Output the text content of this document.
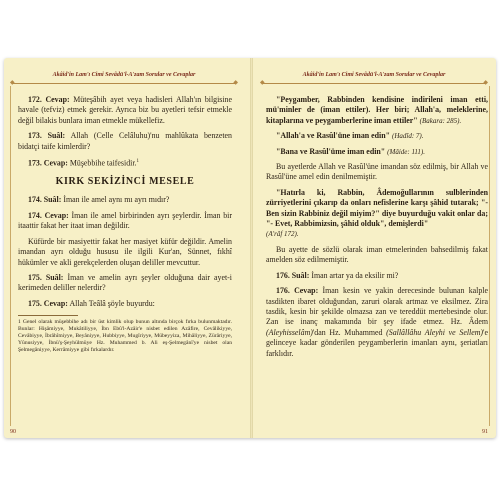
Akâid'in Lam'ı Cimi Sevâdü'l-A'zam Sorular ve Cevaplar
◆ ◆

172. Cevap: Müteşâbih ayet veya hadisleri Allah'ın bilgisine havale (tefviz) etmek gerekir. Ayrıca biz bu ayetleri tefsir etmekle değil bilakis bunlara iman etmekle mükellefiz.

173. Suâl: Allah (Celle Celâluhu)'nu mahlûkata benzeten bidatçi taife kimlerdir?

173. Cevap: Müşebbihe taifesidir.$^1$

KIRK SEKİZİNCİ MESELE

174. Suâl: İman ile amel aynı mı ayrı mıdır?

174. Cevap: İman ile amel birbirinden ayrı şeylerdir. İman bir itaattir fakat her itaat iman değildir.

Küfürde bir masiyettir fakat her masiyet küfür değildir. Amelin imandan ayrı olduğu hususu ile ilgili Kur'an, Sünnet, fıkhî hükümler ve akli gerekçelerden oluşan deliller mevcuttur.

175. Suâl: İman ve amelin ayrı şeyler olduğuna dair ayet-i kerimeden deliller nelerdir?

175. Cevap: Allah Teâlâ şöyle buyurdu:

1 Genel olarak müşebbihe adı bir üst kimlik olup bunun altında birçok fırka bulunmaktadır. Bunlar: Hişâmiyye, Mukâtiliyye, İbn Ebû'l-Azâir'e nisbet edilen Azâfire, Cevâlikiyye, Cevâbiyye, İbrâhîmiyye, Beyâniyye, Hubbiyye, Mugîriyye, Mübeyyiza, Mihâliyye, Zürâriyye, Yûnusiyye, İbnü'ş-Şeyhülmüye Hz. Muhammed b. Ali eş-Şelmegânî'ye nisbet olan Şelmegâniyye, Kerrâmiyye gibi fırkalardır.
90
Akâid'in Lam'ı Cimi Sevâdü'l-A'zam Sorular ve Cevaplar
◆ ◆

"Peygamber, Rabbinden kendisine indirileni iman etti, mü'minler de (iman ettiler). Her biri; Allah'a, meleklerine, kitaplarına ve peygamberlerine iman ettiler" (Bakara: 285).

"Allah'a ve Rasûl'üne iman edin" (Hadîd: 7).

"Bana ve Rasûl'üme iman edin" (Mâide: 111).

Bu ayetlerde Allah ve Rasûl'üne imandan söz edilmiş, bir Allah ve Rasûl'üne amel edin denilmemiştir.

"Hatırla ki, Rabbin, Âdemoğullarının sulblerinden zürriyetlerini çıkarıp da onları nefislerine karşı şâhid tutarak; "-Ben sizin Rabbiniz değil miyim?" diye buyurduğu vakit onlar da; "- Evet, Rabbimizsin, şâhid olduk", demişlerdi"
(A'râf 172).

Bu ayette de sözlü olarak iman etmelerinden bahsedilmiş fakat amelden söz edilmemiştir.

176. Suâl: İman artar ya da eksilir mi?

176. Cevap: İman kesin ve yakin derecesinde bulunan kalple tasdikten ibaret olduğundan, zaruri olarak artmaz ve eksilmez. Zira tasdik, kesin bir şekilde olmazsa zan ve tereddüt mertebesinde olur. Zan ise inanç makamında bir şey ifade etmez. Hz. Âdem (Aleyhisselâm)'dan Hz. Muhammed (Sallâllâhu Aleyhi ve Sellem)'e gelinceye kadar gönderilen peygamberlerin imanları aynı, şeriatları farklıdır.

91
